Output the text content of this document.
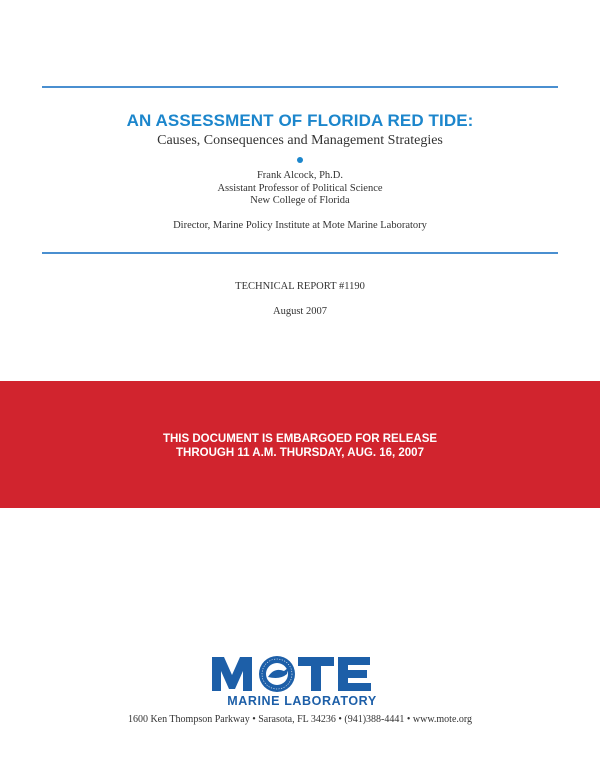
AN ASSESSMENT OF FLORIDA RED TIDE:
Causes, Consequences and Management Strategies
Frank Alcock, Ph.D.
Assistant Professor of Political Science
New College of Florida
Director, Marine Policy Institute at Mote Marine Laboratory
TECHNICAL REPORT #1190
August 2007
THIS DOCUMENT IS EMBARGOED FOR RELEASE
THROUGH 11 A.M. THURSDAY, AUG. 16, 2007
MARINE LABORATORY
1600 Ken Thompson Parkway • Sarasota, FL 34236 • (941)388-4441 • www.mote.org
